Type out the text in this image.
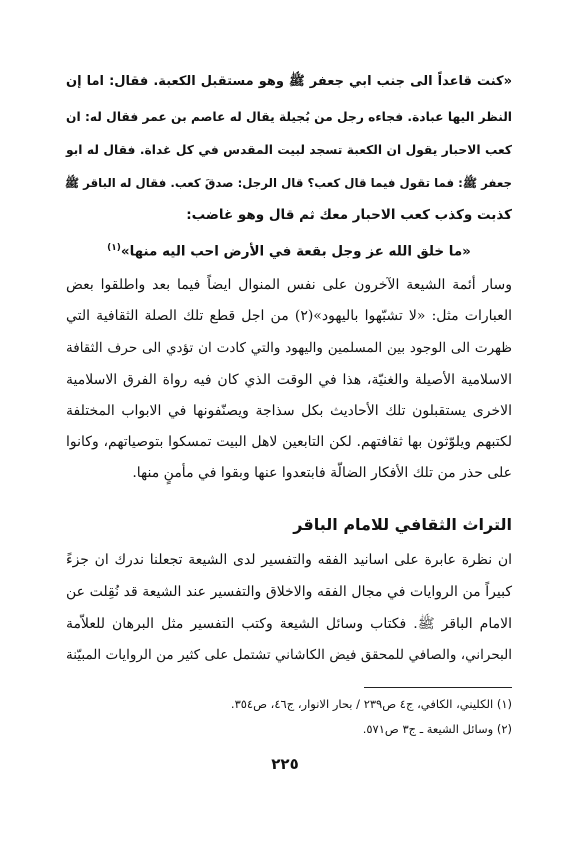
«كنت قاعداً الى جنب ابي جعفر ﷺ وهو مستقبل الكعبة. فقال: اما إن
النظر اليها عبادة. فجاءه رجل من بُجيلة يقال له عاصم بن عمر فقال له: ان
كعب الاحبار يقول ان الكعبة تسجد لبيت المقدس في كل غداة. فقال له ابو
جعفر ﷺ: فما تقول فيما قال كعب؟ قال الرجل: صدقَ كعب. فقال له الباقر ﷺ
كذبت وكذب كعب الاحبار معك ثم قال وهو غاضب:
«ما خلق الله عز وجل بقعة في الأرض احب اليه منها»$^{(١)}$
وسار أئمة الشيعة الآخرون على نفس المنوال ايضاً فيما بعد واطلقوا بعض
العبارات مثل: «لا تشبّهوا باليهود»(٢) من اجل قطع تلك الصلة الثقافية التي
ظهرت الى الوجود بين المسلمين واليهود والتي كادت ان تؤدي الى حرف الثقافة
الاسلامية الأصيلة والغنيّة، هذا في الوقت الذي كان فيه رواة الفرق الاسلامية
الاخرى يستقبلون تلك الأحاديث بكل سذاجة ويصنّفونها في الابواب المختلفة
لكتبهم ويلوّثون بها ثقافتهم. لكن التابعين لاهل البيت تمسكوا بتوصياتهم، وكانوا
على حذر من تلك الأفكار الضالّة فابتعدوا عنها وبقوا في مأمنٍ منها.
التراث الثقافي للامام الباقر
ان نظرة عابرة على اسانيد الفقه والتفسير لدى الشيعة تجعلنا ندرك ان جزءً
كبيراً من الروايات في مجال الفقه والاخلاق والتفسير عند الشيعة قد نُقِلت عن
الامام الباقر ﷺ. فكتاب وسائل الشيعة وكتب التفسير مثل البرهان للعلاّمة
البحراني، والصافي للمحقق فيض الكاشاني تشتمل على كثير من الروايات المبيّنة
(١) الكليني، الكافي، ج٤ ص٢٣٩ / بحار الانوار، ج٤٦، ص٣٥٤.
(٢) وسائل الشيعة ـ ج٣ ص٥٧١.
٢٢٥
